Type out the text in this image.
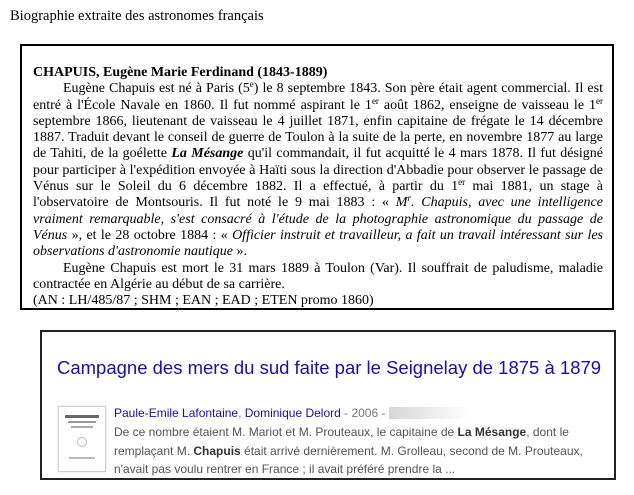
Biographie extraite des astronomes français

CHAPUIS, Eugène Marie Ferdinand (1843-1889)

Eugène Chapuis est né à Paris (5e) le 8 septembre 1843. Son père était agent commercial. Il est entré à l'École Navale en 1860. Il fut nommé aspirant le 1er août 1862, enseigne de vaisseau le 1er septembre 1866, lieutenant de vaisseau le 4 juillet 1871, enfin capitaine de frégate le 14 décembre 1887. Traduit devant le conseil de guerre de Toulon à la suite de la perte, en novembre 1877 au large de Tahiti, de la goélette La Mésange qu'il commandait, il fut acquitté le 4 mars 1878. Il fut désigné pour participer à l'expédition envoyée à Haïti sous la direction d'Abbadie pour observer le passage de Vénus sur le Soleil du 6 décembre 1882. Il a effectué, à partir du 1er mai 1881, un stage à l'observatoire de Montsouris. Il fut noté le 9 mai 1883 : « $M^r$. Chapuis, avec une intelligence vraiment remarquable, s'est consacré à l'étude de la photographie astronomique du passage de Vénus », et le 28 octobre 1884 : « Officier instruit et travailleur, a fait un travail intéressant sur les observations d'astronomie nautique ».

Eugène Chapuis est mort le 31 mars 1889 à Toulon (Var). Il souffrait de paludisme, maladie contractée en Algérie au début de sa carrière.

(AN : LH/485/87 ; SHM ; EAN ; EAD ; ETEN promo 1860)

Campagne des mers du sud faite par le Seignelay de 1875 à 1879
Paule-Emile Lafontaine, Dominique Delord - 2006 -
De ce nombre étaient M. Mariot et M. Prouteaux, le capitaine de La Mésange, dont le remplaçant M. Chapuis était arrivé dernièrement. M. Grolleau, second de M. Prouteaux, n'avait pas voulu rentrer en France ; il avait préféré prendre la ...
